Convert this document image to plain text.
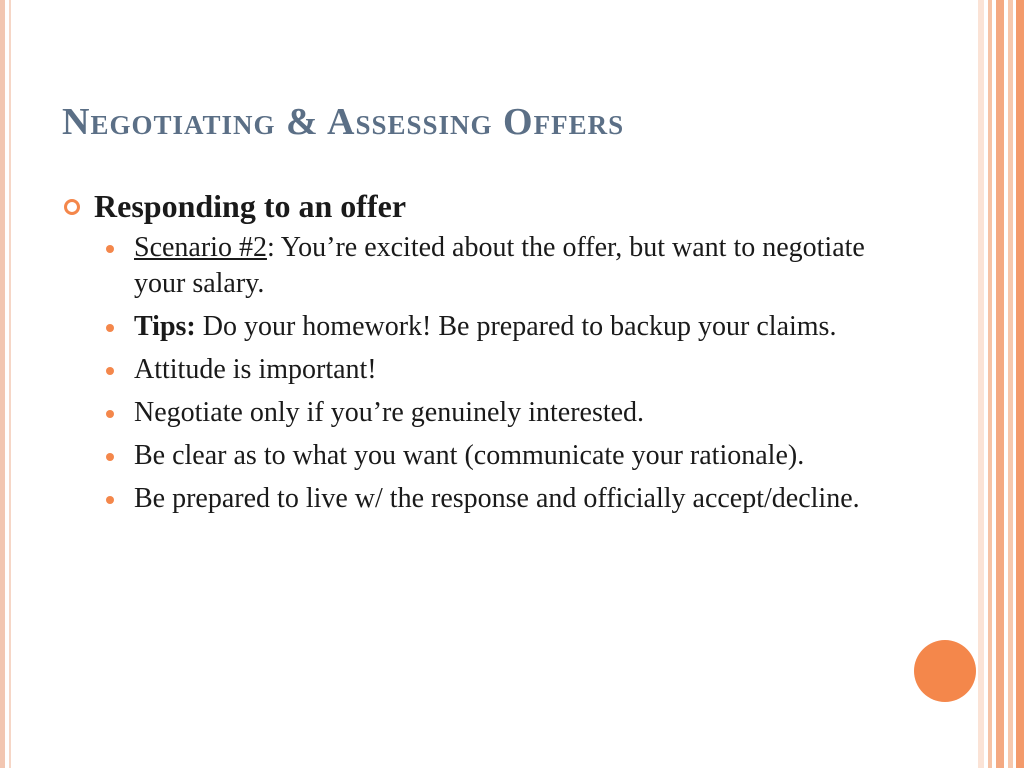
Negotiating & Assessing Offers
Responding to an offer
Scenario #2: You’re excited about the offer, but want to negotiate your salary.
Tips: Do your homework! Be prepared to backup your claims.
Attitude is important!
Negotiate only if you’re genuinely interested.
Be clear as to what you want (communicate your rationale).
Be prepared to live w/ the response and officially accept/decline.
